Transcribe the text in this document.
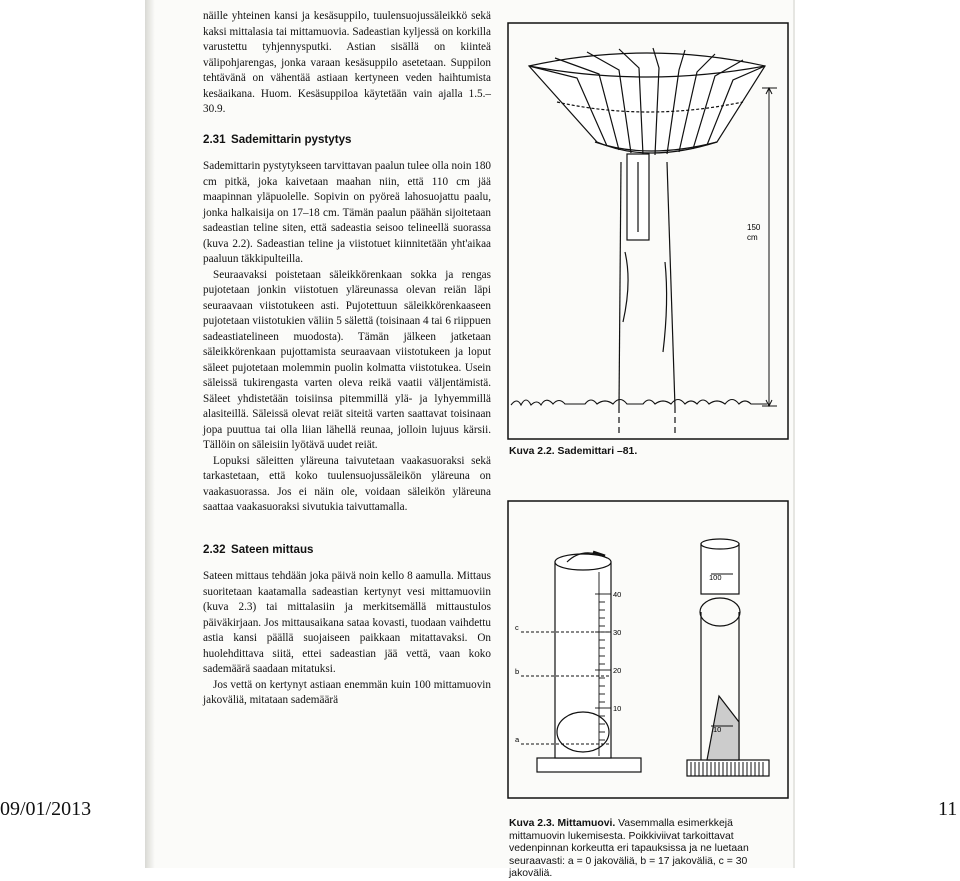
näille yhteinen kansi ja kesäsuppilo, tuulensuojussäleikkö sekä kaksi mittalasia tai mittamuovia. Sadeastian kyljessä on korkilla varustettu tyhjennysputki. Astian sisällä on kiinteä välipohjarengas, jonka varaan kesäsuppilo asetetaan. Suppilon tehtävänä on vähentää astiaan kertyneen veden haihtumista kesäaikana. Huom. Kesäsuppiloa käytetään vain ajalla 1.5.–30.9.

2.31 Sademittarin pystytys

Sademittarin pystytykseen tarvittavan paalun tulee olla noin 180 cm pitkä, joka kaivetaan maahan niin, että 110 cm jää maapinnan yläpuolelle. Sopivin on pyöreä lahosuojattu paalu, jonka halkaisija on 17–18 cm. Tämän paalun päähän sijoitetaan sadeastian teline siten, että sadeastia seisoo telineellä suorassa (kuva 2.2). Sadeastian teline ja viistotuet kiinnitetään yht'aikaa paaluun täkkipulteilla.

Seuraavaksi poistetaan säleikkörenkaan sokka ja rengas pujotetaan jonkin viistotuen yläreunassa olevan reiän läpi seuraavaan viistotukeen asti. Pujotettuun säleikkörenkaaseen pujotetaan viistotukien väliin 5 sälettä (toisinaan 4 tai 6 riippuen sadeastiatelineen muodosta). Tämän jälkeen jatketaan säleikkörenkaan pujottamista seuraavaan viistotukeen ja loput säleet pujotetaan molemmin puolin kolmatta viistotukea. Usein säleissä tukirengasta varten oleva reikä vaatii väljentämistä. Säleet yhdistetään toisiinsa pitemmillä ylä- ja lyhyemmillä alasiteillä. Säleissä olevat reiät siteitä varten saattavat toisinaan jopa puuttua tai olla liian lähellä reunaa, jolloin lujuus kärsii. Tällöin on säleisiin lyötävä uudet reiät.

Lopuksi säleitten yläreuna taivutetaan vaakasuoraksi sekä tarkastetaan, että koko tuulensuojussäleikön yläreuna on vaakasuorassa. Jos ei näin ole, voidaan säleikön yläreuna saattaa vaakasuoraksi sivutukia taivuttamalla.

2.32 Sateen mittaus

Sateen mittaus tehdään joka päivä noin kello 8 aamulla. Mittaus suoritetaan kaatamalla sadeastian kertynyt vesi mittamuoviin (kuva 2.3) tai mittalasiin ja merkitsemällä mittaustulos päiväkirjaan. Jos mittausaikana sataa kovasti, tuodaan vaihdettu astia kansi päällä suojaiseen paikkaan mitattavaksi. On huolehdittava siitä, ettei sadeastian jää vettä, vaan koko sademäärä saadaan mitatuksi.

Jos vettä on kertynyt astiaan enemmän kuin 100 mittamuovin jakoväliä, mitataan sademäärä

150
cm
Kuva 2.2. Sademittari –81.
40
30
20
10
c
b
a
100
10
Kuva 2.3. Mittamuovi. Vasemmalla esimerkkejä mittamuovin lukemisesta. Poikkiviivat tarkoittavat vedenpinnan korkeutta eri tapauksissa ja ne luetaan seuraavasti: a = 0 jakoväliä, b = 17 jakoväliä, c = 30 jakoväliä.
09/01/2013	11
